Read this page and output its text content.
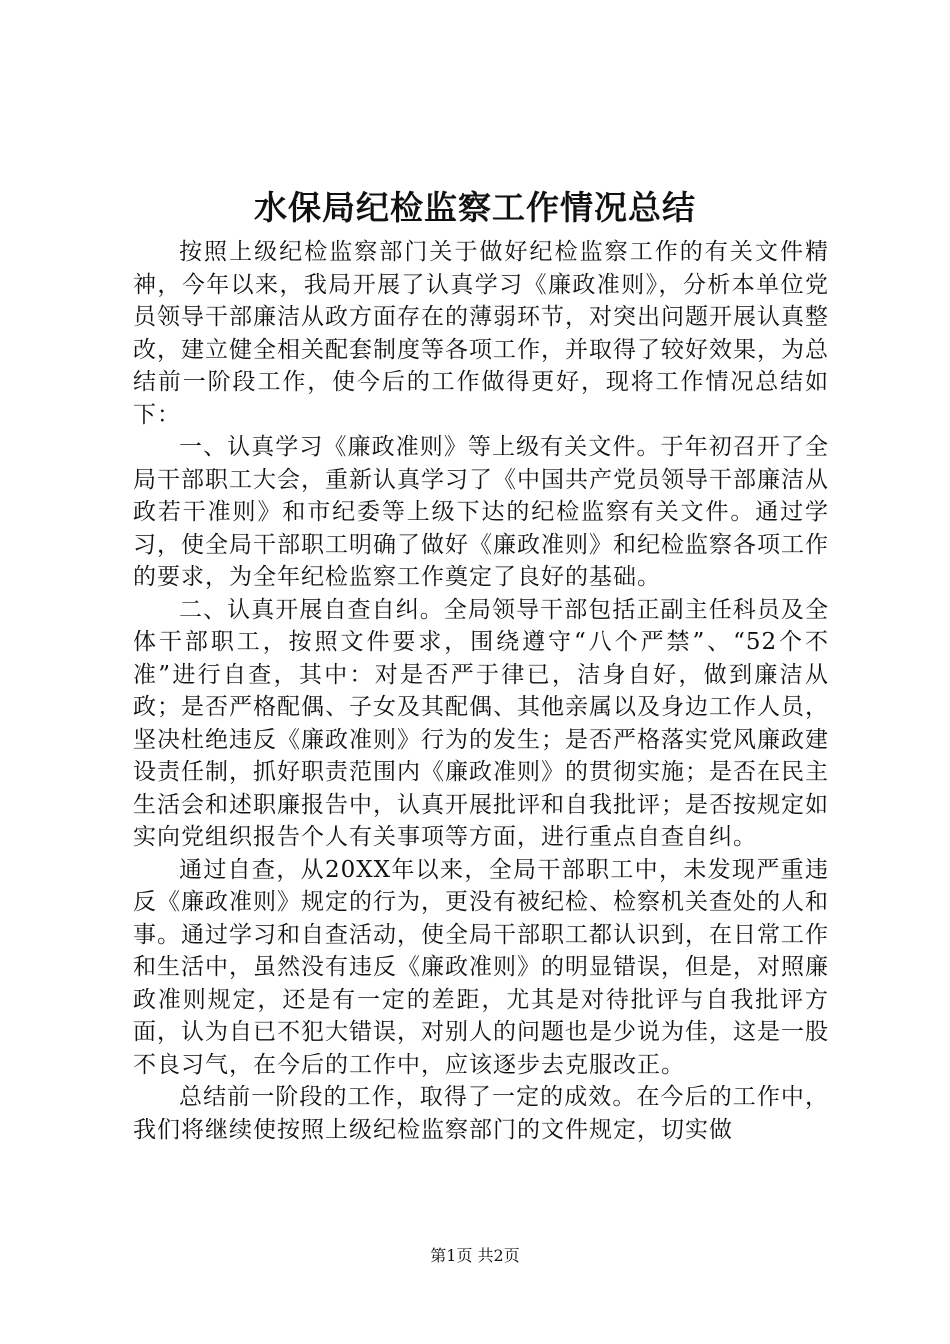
水保局纪检监察工作情况总结

按照上级纪检监察部门关于做好纪检监察工作的有关文件精神，今年以来，我局开展了认真学习《廉政准则》，分析本单位党员领导干部廉洁从政方面存在的薄弱环节，对突出问题开展认真整改，建立健全相关配套制度等各项工作，并取得了较好效果，为总结前一阶段工作，使今后的工作做得更好，现将工作情况总结如下：

一、认真学习《廉政准则》等上级有关文件。于年初召开了全局干部职工大会，重新认真学习了《中国共产党员领导干部廉洁从政若干准则》和市纪委等上级下达的纪检监察有关文件。通过学习，使全局干部职工明确了做好《廉政准则》和纪检监察各项工作的要求，为全年纪检监察工作奠定了良好的基础。

二、认真开展自查自纠。全局领导干部包括正副主任科员及全体干部职工，按照文件要求，围绕遵守“八个严禁”、“52个不准”进行自查，其中：对是否严于律已，洁身自好，做到廉洁从政；是否严格配偶、子女及其配偶、其他亲属以及身边工作人员，坚决杜绝违反《廉政准则》行为的发生；是否严格落实党风廉政建设责任制，抓好职责范围内《廉政准则》的贯彻实施；是否在民主生活会和述职廉报告中，认真开展批评和自我批评；是否按规定如实向党组织报告个人有关事项等方面，进行重点自查自纠。

通过自查，从20XX年以来，全局干部职工中，未发现严重违反《廉政准则》规定的行为，更没有被纪检、检察机关查处的人和事。通过学习和自查活动，使全局干部职工都认识到，在日常工作和生活中，虽然没有违反《廉政准则》的明显错误，但是，对照廉政准则规定，还是有一定的差距，尤其是对待批评与自我批评方面，认为自已不犯大错误，对别人的问题也是少说为佳，这是一股不良习气，在今后的工作中，应该逐步去克服改正。

总结前一阶段的工作，取得了一定的成效。在今后的工作中，我们将继续使按照上级纪检监察部门的文件规定，切实做

第1页 共2页
